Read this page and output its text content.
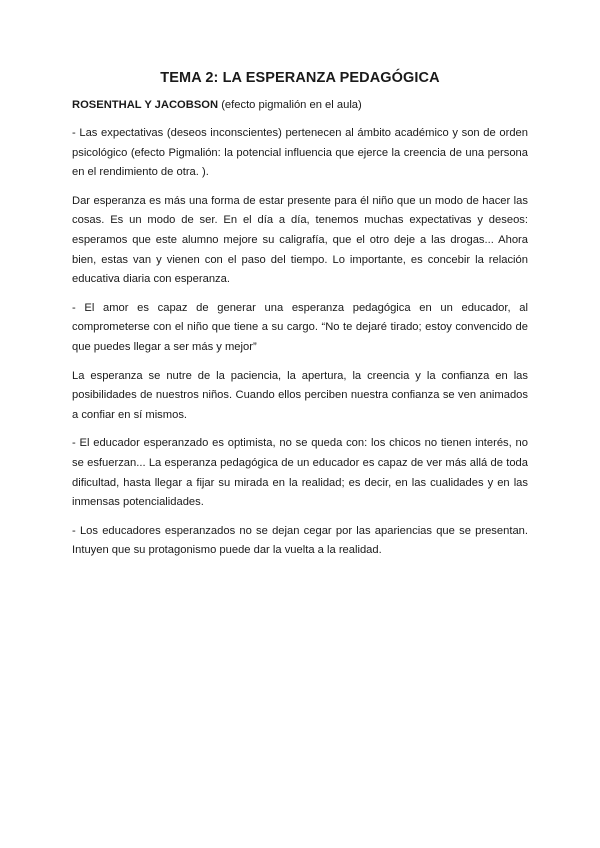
TEMA 2: LA ESPERANZA PEDAGÓGICA

ROSENTHAL Y JACOBSON (efecto pigmalión en el aula)

- Las expectativas (deseos inconscientes) pertenecen al ámbito académico y son de orden psicológico (efecto Pigmalión: la potencial influencia que ejerce la creencia de una persona en el rendimiento de otra. ).

Dar esperanza es más una forma de estar presente para él niño que un modo de hacer las cosas. Es un modo de ser. En el día a día, tenemos muchas expectativas y deseos: esperamos que este alumno mejore su caligrafía, que el otro deje a las drogas... Ahora bien, estas van y vienen con el paso del tiempo. Lo importante, es concebir la relación educativa diaria con esperanza.

- El amor es capaz de generar una esperanza pedagógica en un educador, al comprometerse con el niño que tiene a su cargo. “No te dejaré tirado; estoy convencido de que puedes llegar a ser más y mejor”

La esperanza se nutre de la paciencia, la apertura, la creencia y la confianza en las posibilidades de nuestros niños. Cuando ellos perciben nuestra confianza se ven animados a confiar en sí mismos.

- El educador esperanzado es optimista, no se queda con: los chicos no tienen interés, no se esfuerzan... La esperanza pedagógica de un educador es capaz de ver más allá de toda dificultad, hasta llegar a fijar su mirada en la realidad; es decir, en las cualidades y en las inmensas potencialidades.

- Los educadores esperanzados no se dejan cegar por las apariencias que se presentan. Intuyen que su protagonismo puede dar la vuelta a la realidad.
